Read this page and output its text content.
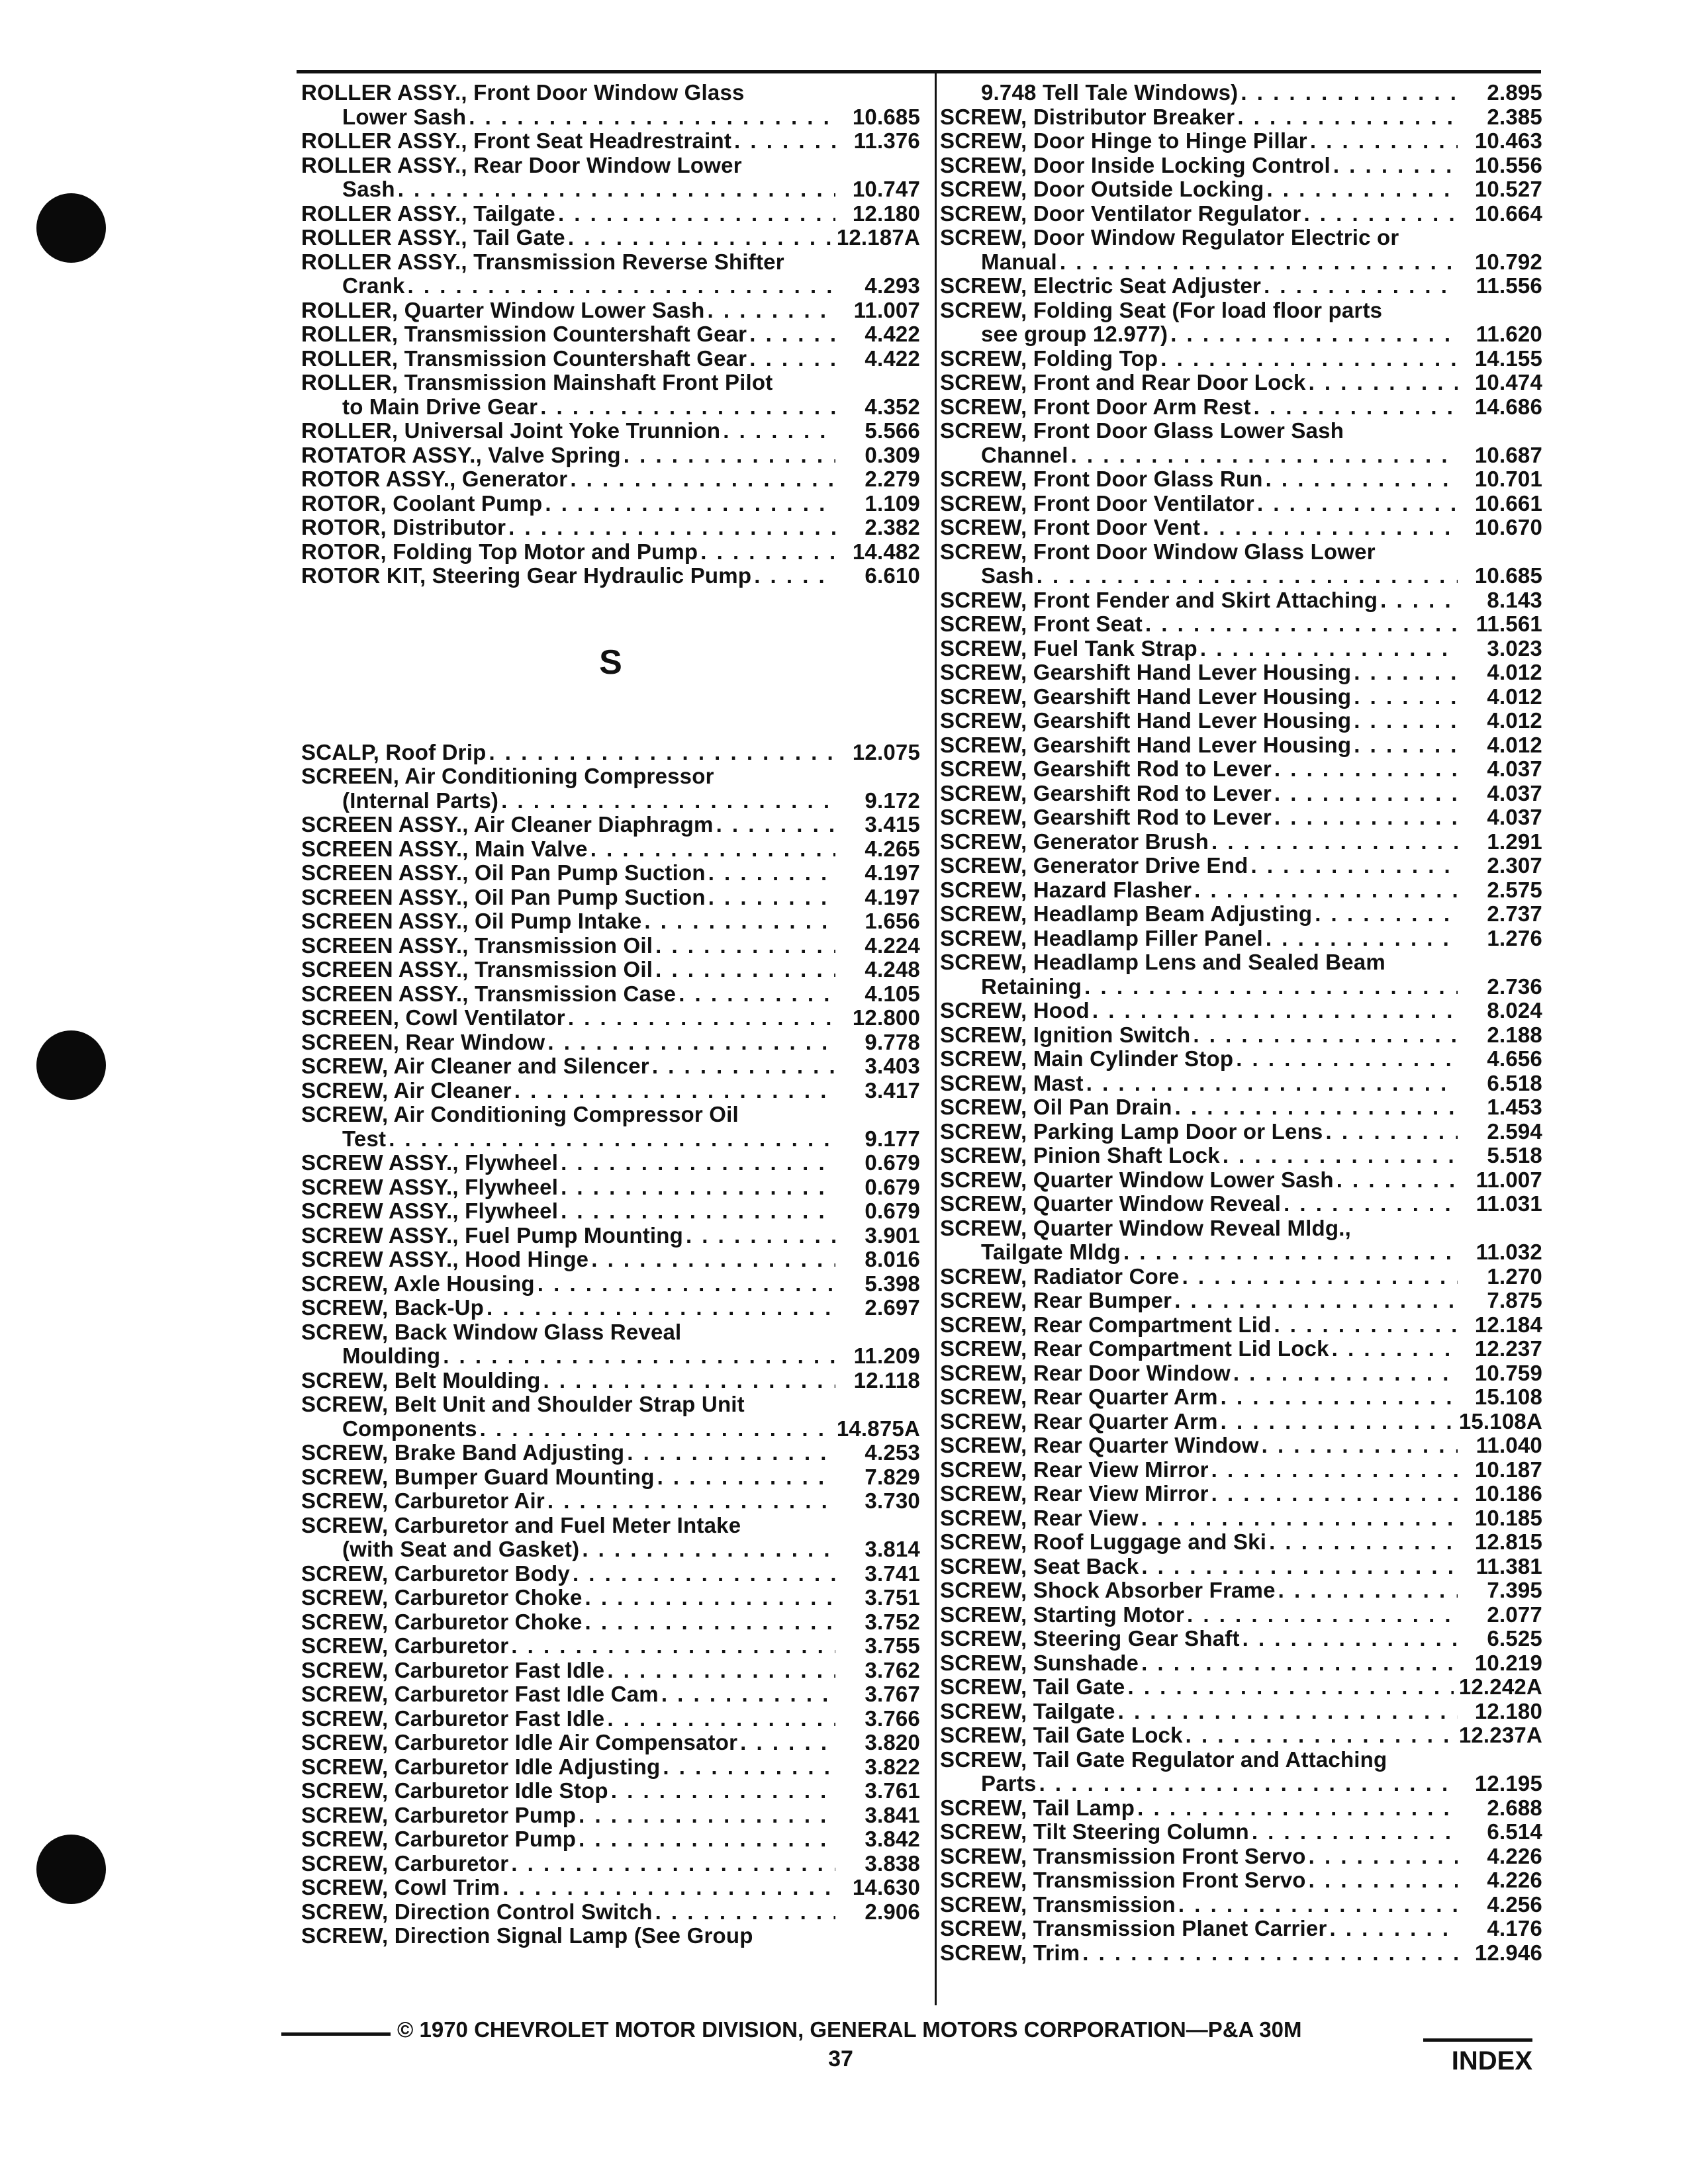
ROLLER ASSY., Front Door Window Glass
Lower Sash . . .	10.685
ROLLER ASSY., Front Seat Headrestraint . . .	11.376
ROLLER ASSY., Rear Door Window Lower
Sash . . .	10.747
ROLLER ASSY., Tailgate . . .	12.180
ROLLER ASSY., Tail Gate . . .	12.187A
ROLLER ASSY., Transmission Reverse Shifter
Crank . . .	4.293
ROLLER, Quarter Window Lower Sash . . .	11.007
ROLLER, Transmission Countershaft Gear . . .	4.422
ROLLER, Transmission Countershaft Gear . . .	4.422
ROLLER, Transmission Mainshaft Front Pilot
to Main Drive Gear . . .	4.352
ROLLER, Universal Joint Yoke Trunnion . . .	5.566
ROTATOR ASSY., Valve Spring . . .	0.309
ROTOR ASSY., Generator . . .	2.279
ROTOR, Coolant Pump . . .	1.109
ROTOR, Distributor . . .	2.382
ROTOR, Folding Top Motor and Pump . . .	14.482
ROTOR KIT, Steering Gear Hydraulic Pump . . .	6.610
S
SCALP, Roof Drip . . .	12.075
SCREEN, Air Conditioning Compressor
(Internal Parts) . . .	9.172
SCREEN ASSY., Air Cleaner Diaphragm . . .	3.415
SCREEN ASSY., Main Valve . . .	4.265
SCREEN ASSY., Oil Pan Pump Suction . . .	4.197
SCREEN ASSY., Oil Pan Pump Suction . . .	4.197
SCREEN ASSY., Oil Pump Intake . . .	1.656
SCREEN ASSY., Transmission Oil . . .	4.224
SCREEN ASSY., Transmission Oil . . .	4.248
SCREEN ASSY., Transmission Case . . .	4.105
SCREEN, Cowl Ventilator . . .	12.800
SCREEN, Rear Window . . .	9.778
SCREW, Air Cleaner and Silencer . . .	3.403
SCREW, Air Cleaner . . .	3.417
SCREW, Air Conditioning Compressor Oil
Test . . .	9.177
SCREW ASSY., Flywheel . . .	0.679
SCREW ASSY., Flywheel . . .	0.679
SCREW ASSY., Flywheel . . .	0.679
SCREW ASSY., Fuel Pump Mounting . . .	3.901
SCREW ASSY., Hood Hinge . . .	8.016
SCREW, Axle Housing . . .	5.398
SCREW, Back-Up . . .	2.697
SCREW, Back Window Glass Reveal
Moulding . . .	11.209
SCREW, Belt Moulding . . .	12.118
SCREW, Belt Unit and Shoulder Strap Unit
Components . . .	14.875A
SCREW, Brake Band Adjusting . . .	4.253
SCREW, Bumper Guard Mounting . . .	7.829
SCREW, Carburetor Air . . .	3.730
SCREW, Carburetor and Fuel Meter Intake
(with Seat and Gasket) . . .	3.814
SCREW, Carburetor Body . . .	3.741
SCREW, Carburetor Choke . . .	3.751
SCREW, Carburetor Choke . . .	3.752
SCREW, Carburetor . . .	3.755
SCREW, Carburetor Fast Idle . . .	3.762
SCREW, Carburetor Fast Idle Cam . . .	3.767
SCREW, Carburetor Fast Idle . . .	3.766
SCREW, Carburetor Idle Air Compensator . . .	3.820
SCREW, Carburetor Idle Adjusting . . .	3.822
SCREW, Carburetor Idle Stop . . .	3.761
SCREW, Carburetor Pump . . .	3.841
SCREW, Carburetor Pump . . .	3.842
SCREW, Carburetor . . .	3.838
SCREW, Cowl Trim . . .	14.630
SCREW, Direction Control Switch . . .	2.906
SCREW, Direction Signal Lamp (See Group
9.748 Tell Tale Windows) . . .	2.895
SCREW, Distributor Breaker . . .	2.385
SCREW, Door Hinge to Hinge Pillar . . .	10.463
SCREW, Door Inside Locking Control . . .	10.556
SCREW, Door Outside Locking . . .	10.527
SCREW, Door Ventilator Regulator . . .	10.664
SCREW, Door Window Regulator Electric or
Manual . . .	10.792
SCREW, Electric Seat Adjuster . . .	11.556
SCREW, Folding Seat (For load floor parts
see group 12.977) . . .	11.620
SCREW, Folding Top . . .	14.155
SCREW, Front and Rear Door Lock . . .	10.474
SCREW, Front Door Arm Rest . . .	14.686
SCREW, Front Door Glass Lower Sash
Channel . . .	10.687
SCREW, Front Door Glass Run . . .	10.701
SCREW, Front Door Ventilator . . .	10.661
SCREW, Front Door Vent . . .	10.670
SCREW, Front Door Window Glass Lower
Sash . . .	10.685
SCREW, Front Fender and Skirt Attaching . . .	8.143
SCREW, Front Seat . . .	11.561
SCREW, Fuel Tank Strap . . .	3.023
SCREW, Gearshift Hand Lever Housing . . .	4.012
SCREW, Gearshift Hand Lever Housing . . .	4.012
SCREW, Gearshift Hand Lever Housing . . .	4.012
SCREW, Gearshift Hand Lever Housing . . .	4.012
SCREW, Gearshift Rod to Lever . . .	4.037
SCREW, Gearshift Rod to Lever . . .	4.037
SCREW, Gearshift Rod to Lever . . .	4.037
SCREW, Generator Brush . . .	1.291
SCREW, Generator Drive End . . .	2.307
SCREW, Hazard Flasher . . .	2.575
SCREW, Headlamp Beam Adjusting . . .	2.737
SCREW, Headlamp Filler Panel . . .	1.276
SCREW, Headlamp Lens and Sealed Beam
Retaining . . .	2.736
SCREW, Hood . . .	8.024
SCREW, Ignition Switch . . .	2.188
SCREW, Main Cylinder Stop . . .	4.656
SCREW, Mast . . .	6.518
SCREW, Oil Pan Drain . . .	1.453
SCREW, Parking Lamp Door or Lens . . .	2.594
SCREW, Pinion Shaft Lock . . .	5.518
SCREW, Quarter Window Lower Sash . . .	11.007
SCREW, Quarter Window Reveal . . .	11.031
SCREW, Quarter Window Reveal Mldg.,
Tailgate Mldg . . .	11.032
SCREW, Radiator Core . . .	1.270
SCREW, Rear Bumper . . .	7.875
SCREW, Rear Compartment Lid . . .	12.184
SCREW, Rear Compartment Lid Lock . . .	12.237
SCREW, Rear Door Window . . .	10.759
SCREW, Rear Quarter Arm . . .	15.108
SCREW, Rear Quarter Arm . . .	15.108A
SCREW, Rear Quarter Window . . .	11.040
SCREW, Rear View Mirror . . .	10.187
SCREW, Rear View Mirror . . .	10.186
SCREW, Rear View . . .	10.185
SCREW, Roof Luggage and Ski . . .	12.815
SCREW, Seat Back . . .	11.381
SCREW, Shock Absorber Frame . . .	7.395
SCREW, Starting Motor . . .	2.077
SCREW, Steering Gear Shaft . . .	6.525
SCREW, Sunshade . . .	10.219
SCREW, Tail Gate . . .	12.242A
SCREW, Tailgate . . .	12.180
SCREW, Tail Gate Lock . . .	12.237A
SCREW, Tail Gate Regulator and Attaching
Parts . . .	12.195
SCREW, Tail Lamp . . .	2.688
SCREW, Tilt Steering Column . . .	6.514
SCREW, Transmission Front Servo . . .	4.226
SCREW, Transmission Front Servo . . .	4.226
SCREW, Transmission . . .	4.256
SCREW, Transmission Planet Carrier . . .	4.176
SCREW, Trim . . .	12.946
© 1970 CHEVROLET MOTOR DIVISION, GENERAL MOTORS CORPORATION—P&A 30M
37	INDEX
